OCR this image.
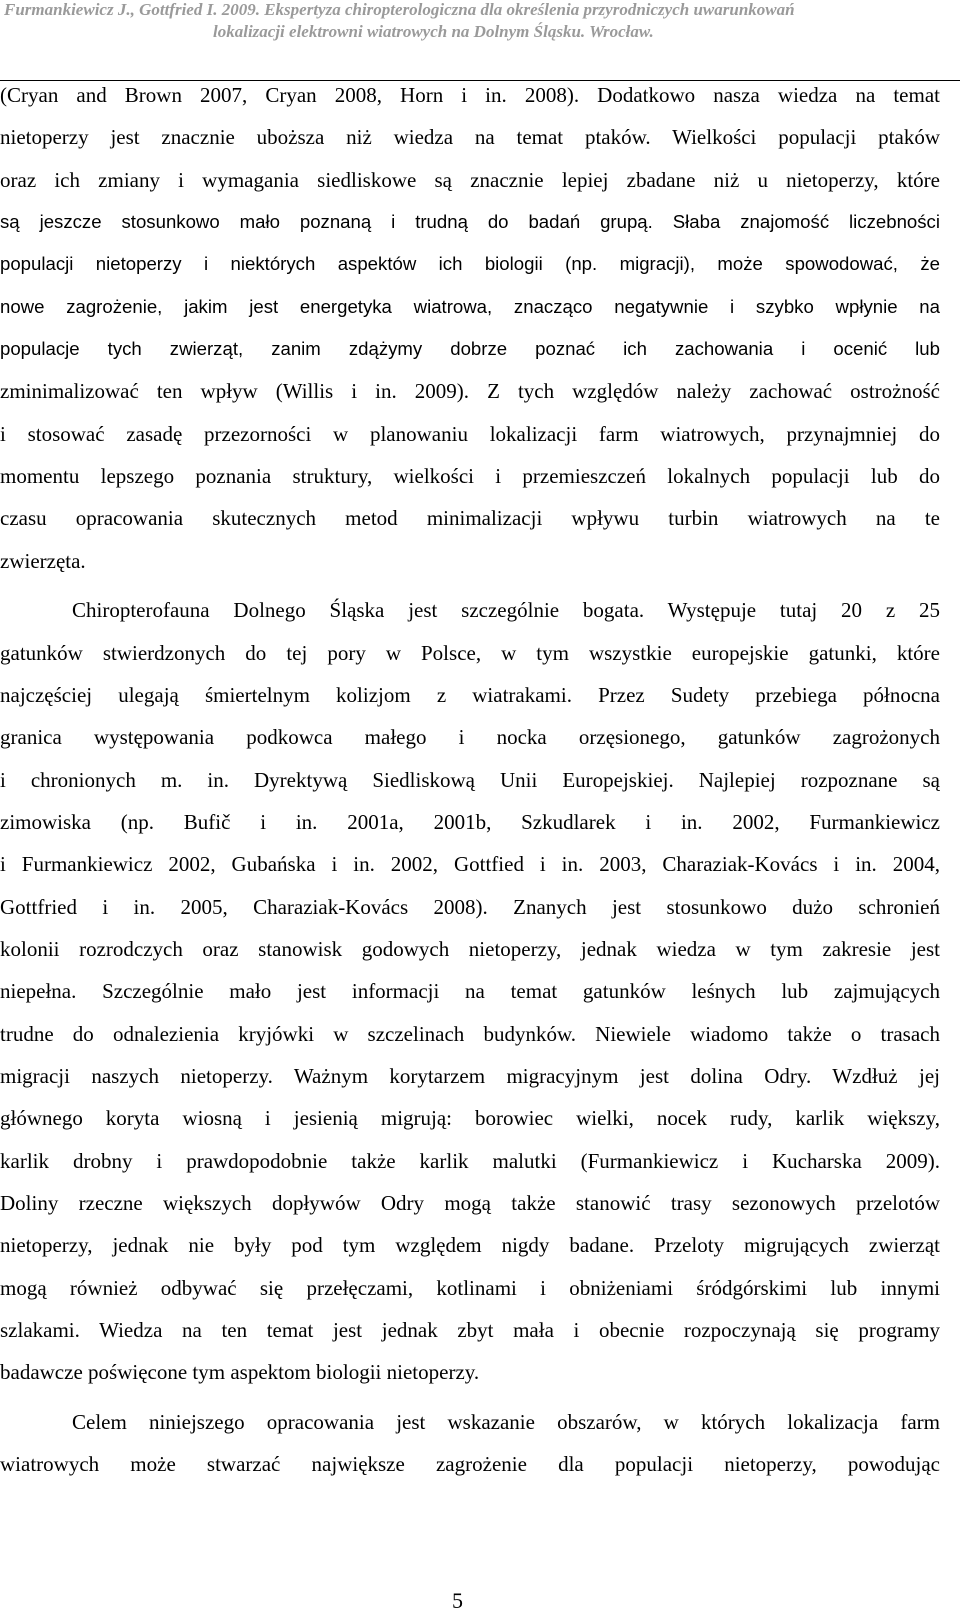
Furmankiewicz J., Gottfried I. 2009. Ekspertyza chiropterologiczna dla określenia przyrodniczych uwarunkowań
lokalizacji elektrowni wiatrowych na Dolnym Śląsku. Wrocław.
(Cryan and Brown 2007, Cryan 2008, Horn i in. 2008). Dodatkowo nasza wiedza na temat
nietoperzy jest znacznie uboższa niż wiedza na temat ptaków. Wielkości populacji ptaków
oraz ich zmiany i wymagania siedliskowe są znacznie lepiej zbadane niż u nietoperzy, które
są jeszcze stosunkowo mało poznaną i trudną do badań grupą. Słaba znajomość liczebności
populacji nietoperzy i niektórych aspektów ich biologii (np. migracji), może spowodować, że
nowe zagrożenie, jakim jest energetyka wiatrowa, znacząco negatywnie i szybko wpłynie na
populacje tych zwierząt, zanim zdążymy dobrze poznać ich zachowania i ocenić lub
zminimalizować ten wpływ (Willis i in. 2009). Z tych względów należy zachować ostrożność
i stosować zasadę przezorności w planowaniu lokalizacji farm wiatrowych, przynajmniej do
momentu lepszego poznania struktury, wielkości i przemieszczeń lokalnych populacji lub do
czasu opracowania skutecznych metod minimalizacji wpływu turbin wiatrowych na te
zwierzęta.
Chiropterofauna Dolnego Śląska jest szczególnie bogata. Występuje tutaj 20 z 25
gatunków stwierdzonych do tej pory w Polsce, w tym wszystkie europejskie gatunki, które
najczęściej ulegają śmiertelnym kolizjom z wiatrakami. Przez Sudety przebiega północna
granica występowania podkowca małego i nocka orzęsionego, gatunków zagrożonych
i chronionych m. in. Dyrektywą Siedliskową Unii Europejskiej. Najlepiej rozpoznane są
zimowiska (np. Bufič i in. 2001a, 2001b, Szkudlarek i in. 2002, Furmankiewicz
i Furmankiewicz 2002, Gubańska i in. 2002, Gottfied i in. 2003, Charaziak-Kovács i in. 2004,
Gottfried i in. 2005, Charaziak-Kovács 2008). Znanych jest stosunkowo dużo schronień
kolonii rozrodczych oraz stanowisk godowych nietoperzy, jednak wiedza w tym zakresie jest
niepełna. Szczególnie mało jest informacji na temat gatunków leśnych lub zajmujących
trudne do odnalezienia kryjówki w szczelinach budynków. Niewiele wiadomo także o trasach
migracji naszych nietoperzy. Ważnym korytarzem migracyjnym jest dolina Odry. Wzdłuż jej
głównego koryta wiosną i jesienią migrują: borowiec wielki, nocek rudy, karlik większy,
karlik drobny i prawdopodobnie także karlik malutki (Furmankiewicz i Kucharska 2009).
Doliny rzeczne większych dopływów Odry mogą także stanowić trasy sezonowych przelotów
nietoperzy, jednak nie były pod tym względem nigdy badane. Przeloty migrujących zwierząt
mogą również odbywać się przełęczami, kotlinami i obniżeniami śródgórskimi lub innymi
szlakami. Wiedza na ten temat jest jednak zbyt mała i obecnie rozpoczynają się programy
badawcze poświęcone tym aspektom biologii nietoperzy.
Celem niniejszego opracowania jest wskazanie obszarów, w których lokalizacja farm
wiatrowych może stwarzać największe zagrożenie dla populacji nietoperzy, powodując
5
